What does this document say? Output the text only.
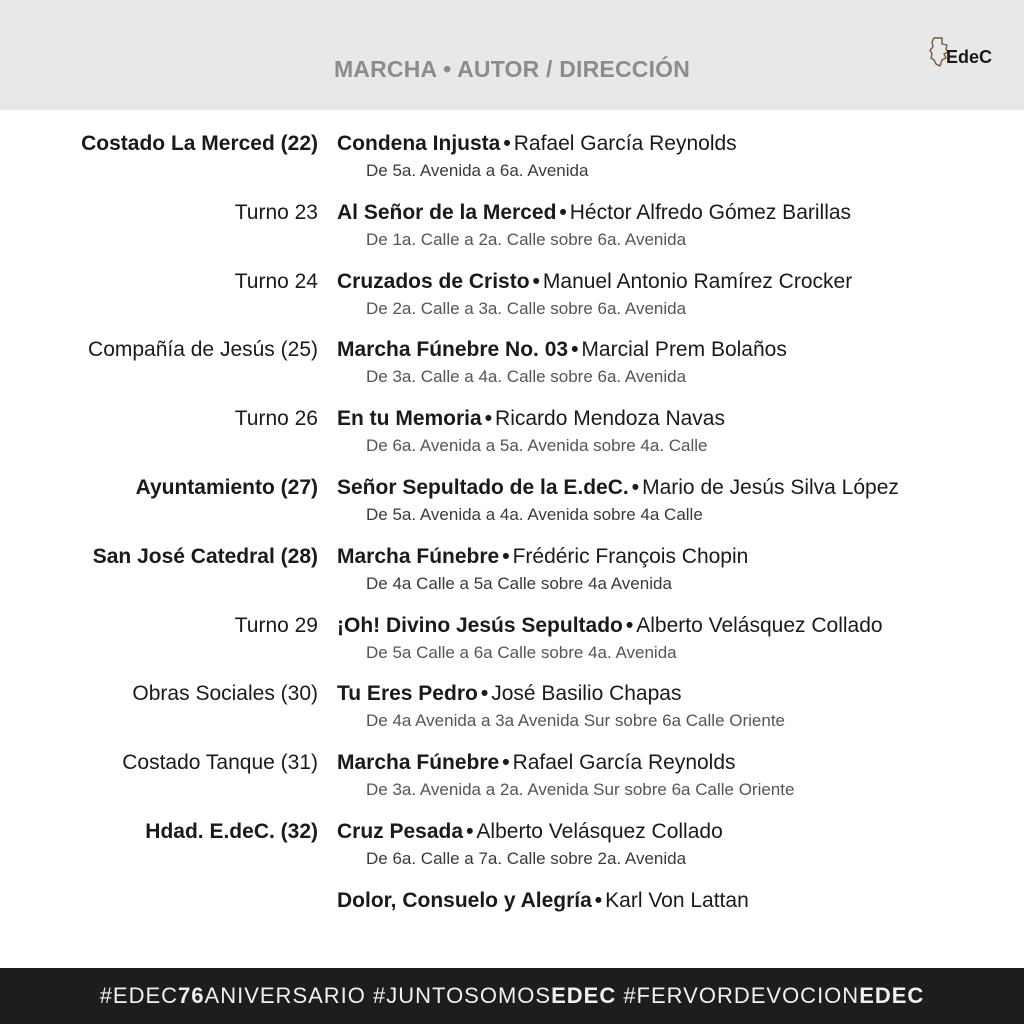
MARCHA • AUTOR / DIRECCIÓN	EdeC
Costado La Merced (22) Condena Injusta • Rafael García Reynolds
De 5a. Avenida a 6a. Avenida
Turno 23 Al Señor de la Merced • Héctor Alfredo Gómez Barillas
De 1a. Calle a 2a. Calle sobre 6a. Avenida
Turno 24 Cruzados de Cristo • Manuel Antonio Ramírez Crocker
De 2a. Calle a 3a. Calle sobre 6a. Avenida
Compañía de Jesús (25) Marcha Fúnebre No. 03 • Marcial Prem Bolaños
De 3a. Calle a 4a. Calle sobre 6a. Avenida
Turno 26 En tu Memoria • Ricardo Mendoza Navas
De 6a. Avenida a 5a. Avenida sobre 4a. Calle
Ayuntamiento (27) Señor Sepultado de la E.deC. • Mario de Jesús Silva López
De 5a. Avenida a 4a. Avenida sobre 4a Calle
San José Catedral (28) Marcha Fúnebre • Frédéric François Chopin
De 4a Calle a 5a Calle sobre 4a Avenida
Turno 29 ¡Oh! Divino Jesús Sepultado • Alberto Velásquez Collado
De 5a Calle a 6a Calle sobre 4a. Avenida
Obras Sociales (30) Tu Eres Pedro • José Basilio Chapas
De 4a Avenida a 3a Avenida Sur sobre 6a Calle Oriente
Costado Tanque (31) Marcha Fúnebre • Rafael García Reynolds
De 3a. Avenida a 2a. Avenida Sur sobre 6a Calle Oriente
Hdad. E.deC. (32) Cruz Pesada • Alberto Velásquez Collado
De 6a. Calle a 7a. Calle sobre 2a. Avenida
Dolor, Consuelo y Alegría • Karl Von Lattan
#EDEC76ANIVERSARIO #JUNTOSOMOSEDEC #FERVORDEVOCIONEDEC
